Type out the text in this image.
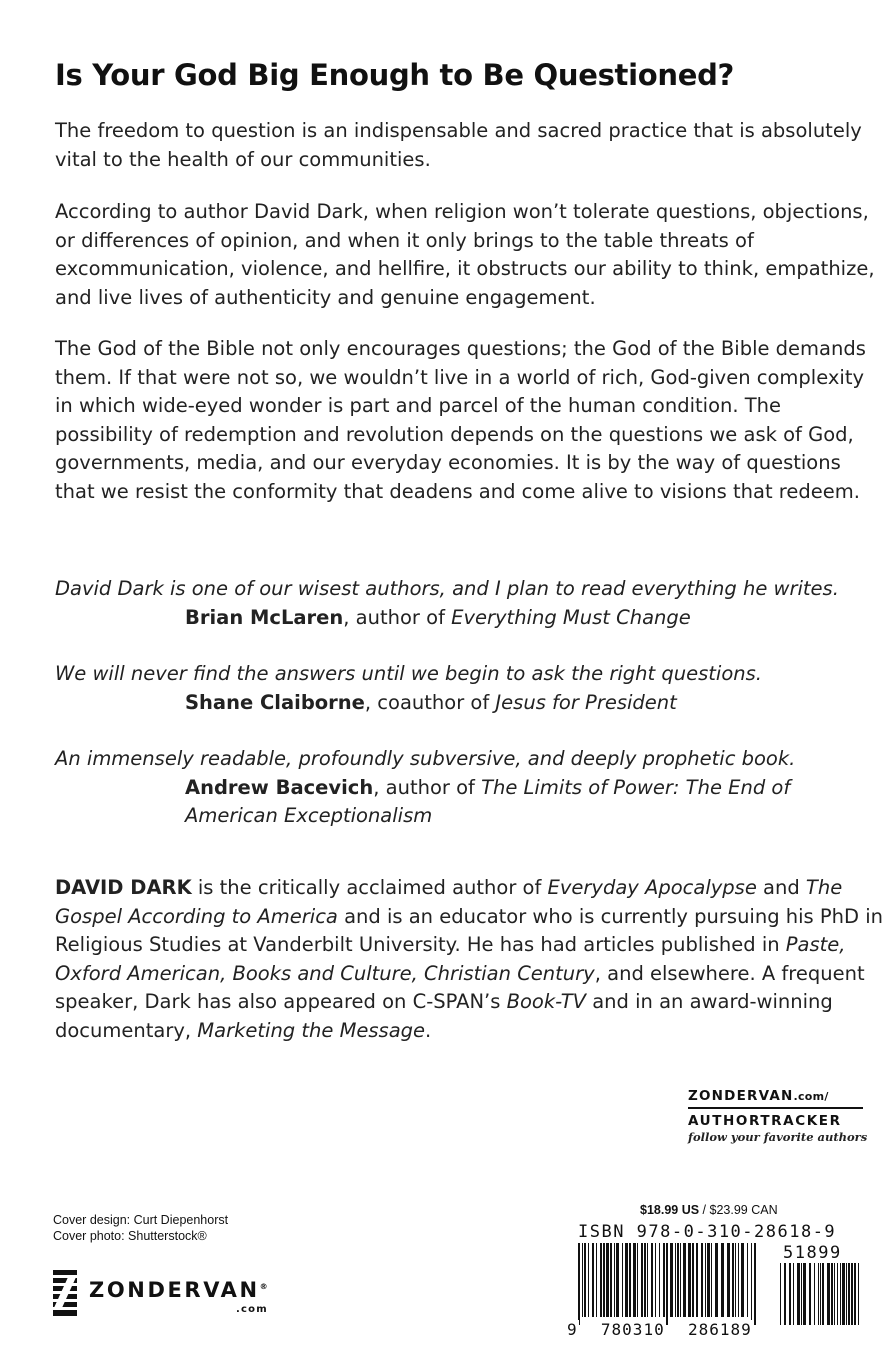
Is Your God Big Enough to Be Questioned?

The freedom to question is an indispensable and sacred practice that is absolutely vital to the health of our communities.

According to author David Dark, when religion won’t tolerate questions, objections, or differences of opinion, and when it only brings to the table threats of excommunication, violence, and hellfire, it obstructs our ability to think, empathize, and live lives of authenticity and genuine engagement.

The God of the Bible not only encourages questions; the God of the Bible demands them. If that were not so, we wouldn’t live in a world of rich, God-given complexity in which wide-eyed wonder is part and parcel of the human condition. The possibility of redemption and revolution depends on the questions we ask of God, governments, media, and our everyday economies. It is by the way of questions that we resist the conformity that deadens and come alive to visions that redeem.

David Dark is one of our wisest authors, and I plan to read everything he writes.

Brian McLaren, author of Everything Must Change

We will never find the answers until we begin to ask the right questions.

Shane Claiborne, coauthor of Jesus for President

An immensely readable, profoundly subversive, and deeply prophetic book.

Andrew Bacevich, author of The Limits of Power: The End of American Exceptionalism

DAVID DARK is the critically acclaimed author of Everyday Apocalypse and The Gospel According to America and is an educator who is currently pursuing his PhD in Religious Studies at Vanderbilt University. He has had articles published in Paste, Oxford American, Books and Culture, Christian Century, and elsewhere. A frequent speaker, Dark has also appeared on C-SPAN’s Book-TV and in an award-winning documentary, Marketing the Message.

ZONDERVAN.com/
AUTHORTRACKER
follow your favorite authors
Cover design: Curt Diepenhorst
Cover photo: Shutterstock®
ZONDERVAN®
.com
$18.99 US / $23.99 CAN
ISBN 978-0-310-28618-9
51899
9 780310 286189
